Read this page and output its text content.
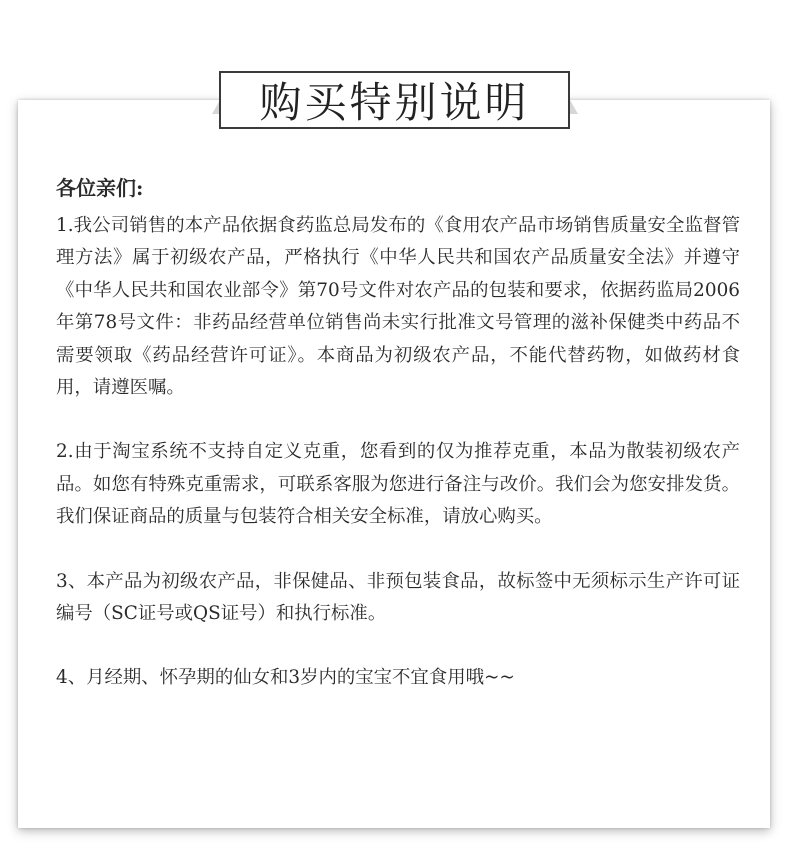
购买特别说明

各位亲们:

1.我公司销售的本产品依据食药监总局发布的《食用农产品市场销售质量安全监督管理方法》属于初级农产品，严格执行《中华人民共和国农产品质量安全法》并遵守《中华人民共和国农业部令》第70号文件对农产品的包装和要求，依据药监局2006年第78号文件：非药品经营单位销售尚未实行批准文号管理的滋补保健类中药品不需要领取《药品经营许可证》。本商品为初级农产品，不能代替药物，如做药材食用，请遵医嘱。

2.由于淘宝系统不支持自定义克重，您看到的仅为推荐克重，本品为散装初级农产品。如您有特殊克重需求，可联系客服为您进行备注与改价。我们会为您安排发货。我们保证商品的质量与包装符合相关安全标准，请放心购买。

3、本产品为初级农产品，非保健品、非预包装食品，故标签中无须标示生产许可证编号（SC证号或QS证号）和执行标准。

4、月经期、怀孕期的仙女和3岁内的宝宝不宜食用哦~~
